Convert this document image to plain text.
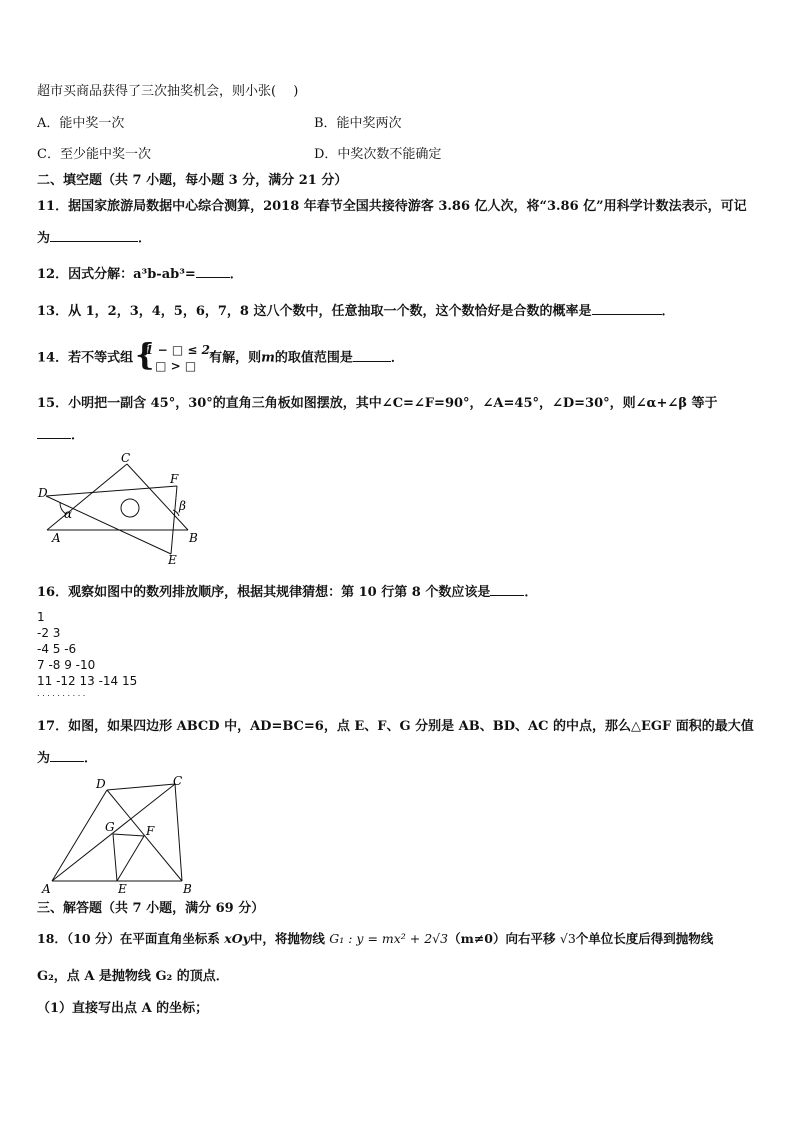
超市买商品获得了三次抽奖机会，则小张(　 )
A．能中奖一次	B．能中奖两次
C．至少能中奖一次	D．中奖次数不能确定
二、填空题（共 7 小题，每小题 3 分，满分 21 分）
11．据国家旅游局数据中心综合测算，2018 年春节全国共接待游客 3.86 亿人次，将“3.86 亿”用科学计数法表示，可记
为	．
12．因式分解：a³b-ab³=	．
13．从 1，2，3，4，5，6，7，8 这八个数中，任意抽取一个数，这个数恰好是合数的概率是	．
14．若不等式组 {
1 − □ ≤ 2,
□ > □
有解，则m的取值范围是	．
15．小明把一副含 45°，30°的直角三角板如图摆放，其中∠C=∠F=90°，∠A=45°，∠D=30°，则∠α+∠β 等于
．
C
F
D
α
β
A	B
E
16．观察如图中的数列排放顺序，根据其规律猜想：第 10 行第 8 个数应该是	．
1
-2 3
-4 5 -6
7 -8 9 -10
11 -12 13 -14 15
. . . . . . . . . .
17．如图，如果四边形 ABCD 中，AD=BC=6，点 E、F、G 分别是 AB、BD、AC 的中点，那么△EGF 面积的最大值
为	．
D	C
G	F
A	E	B
三、解答题（共 7 小题，满分 69 分）
18．（10 分）在平面直角坐标系 xOy中，将抛物线 G₁ : y = mx² + 2√3（m≠0）向右平移 √3个单位长度后得到抛物线
G₂，点 A 是抛物线 G₂ 的顶点．
（1）直接写出点 A 的坐标；
